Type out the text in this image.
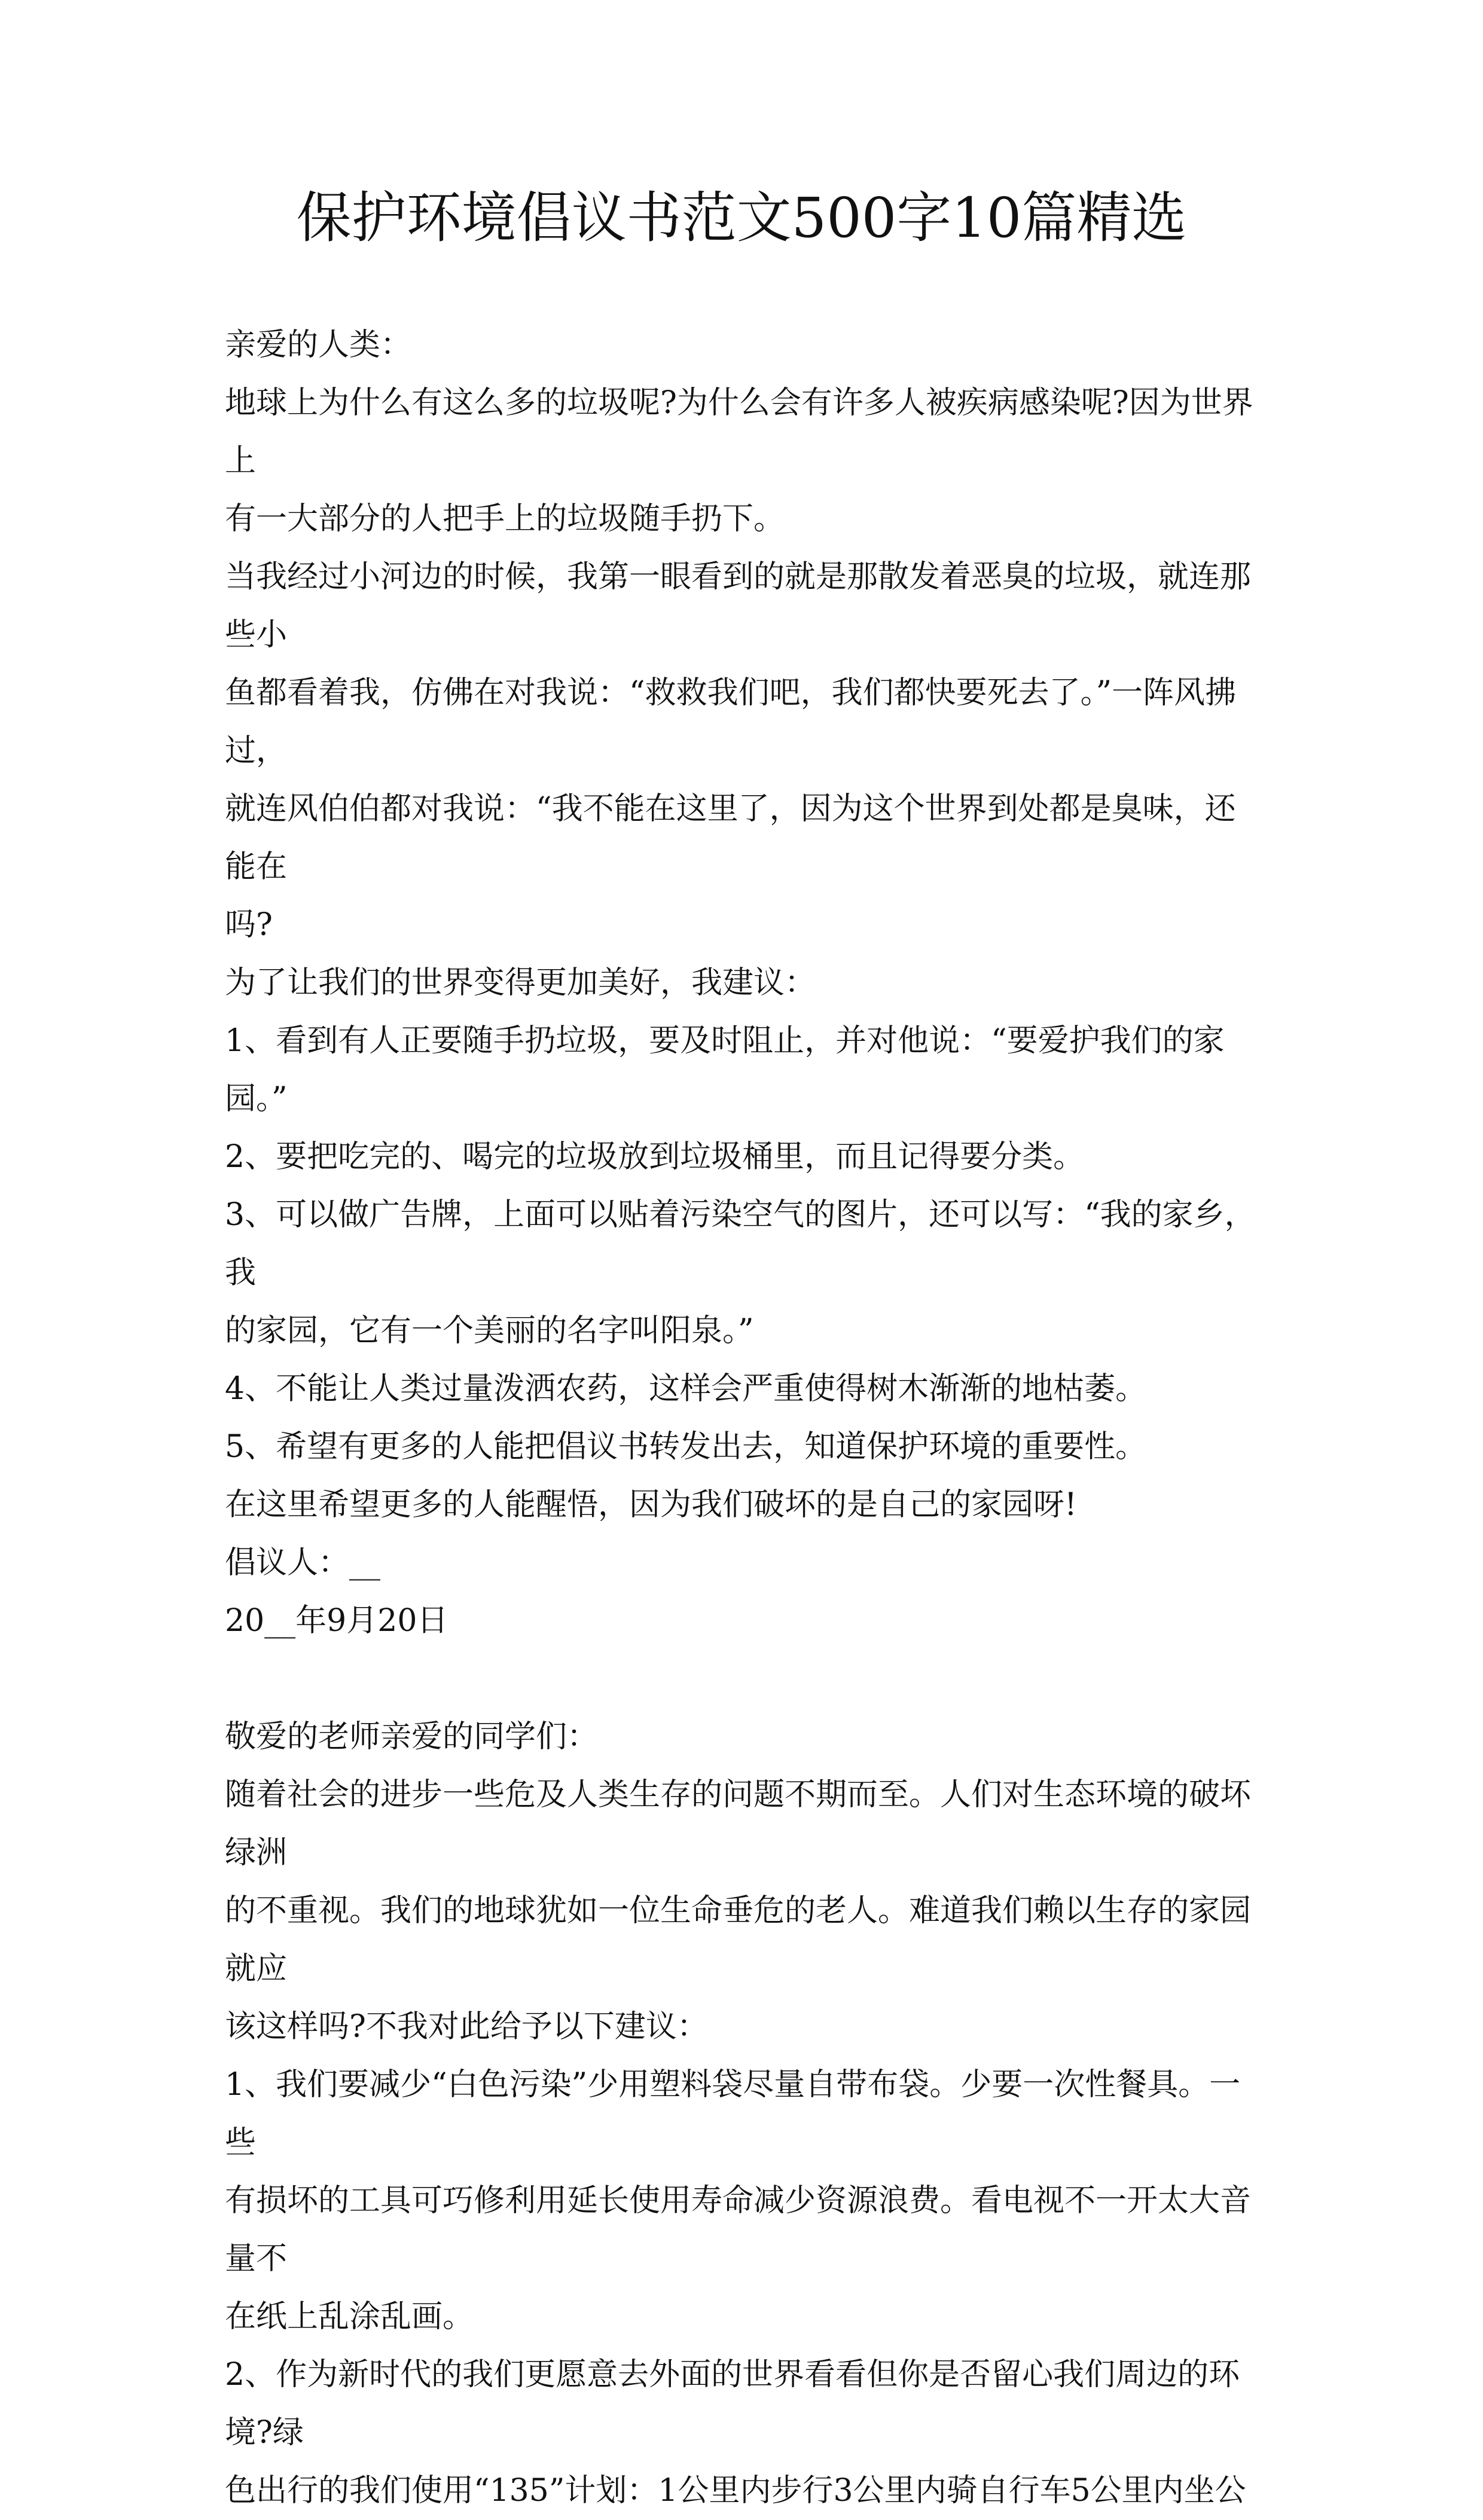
保护环境倡议书范文500字10篇精选
亲爱的人类：
地球上为什么有这么多的垃圾呢?为什么会有许多人被疾病感染呢?因为世界上
有一大部分的人把手上的垃圾随手扔下。
当我经过小河边的时候，我第一眼看到的就是那散发着恶臭的垃圾，就连那些小
鱼都看着我，仿佛在对我说：“救救我们吧，我们都快要死去了。”一阵风拂过，
就连风伯伯都对我说：“我不能在这里了，因为这个世界到处都是臭味，还能在
吗?
为了让我们的世界变得更加美好，我建议：
1、看到有人正要随手扔垃圾，要及时阻止，并对他说：“要爱护我们的家园。”
2、要把吃完的、喝完的垃圾放到垃圾桶里，而且记得要分类。
3、可以做广告牌，上面可以贴着污染空气的图片，还可以写：“我的家乡，我
的家园，它有一个美丽的名字叫阳泉。”
4、不能让人类过量泼洒农药，这样会严重使得树木渐渐的地枯萎。
5、希望有更多的人能把倡议书转发出去，知道保护环境的重要性。
在这里希望更多的人能醒悟，因为我们破坏的是自己的家园呀!
倡议人：__
20__年9月20日
敬爱的老师亲爱的同学们：
随着社会的进步一些危及人类生存的问题不期而至。人们对生态环境的破坏绿洲
的不重视。我们的地球犹如一位生命垂危的老人。难道我们赖以生存的家园就应
该这样吗?不我对此给予以下建议：
1、我们要减少“白色污染”少用塑料袋尽量自带布袋。少要一次性餐具。一些
有损坏的工具可巧修利用延长使用寿命减少资源浪费。看电视不一开太大音量不
在纸上乱涂乱画。
2、作为新时代的我们更愿意去外面的世界看看但你是否留心我们周边的环境?绿
色出行的我们使用“135”计划：1公里内步行3公里内骑自行车5公里内坐公
